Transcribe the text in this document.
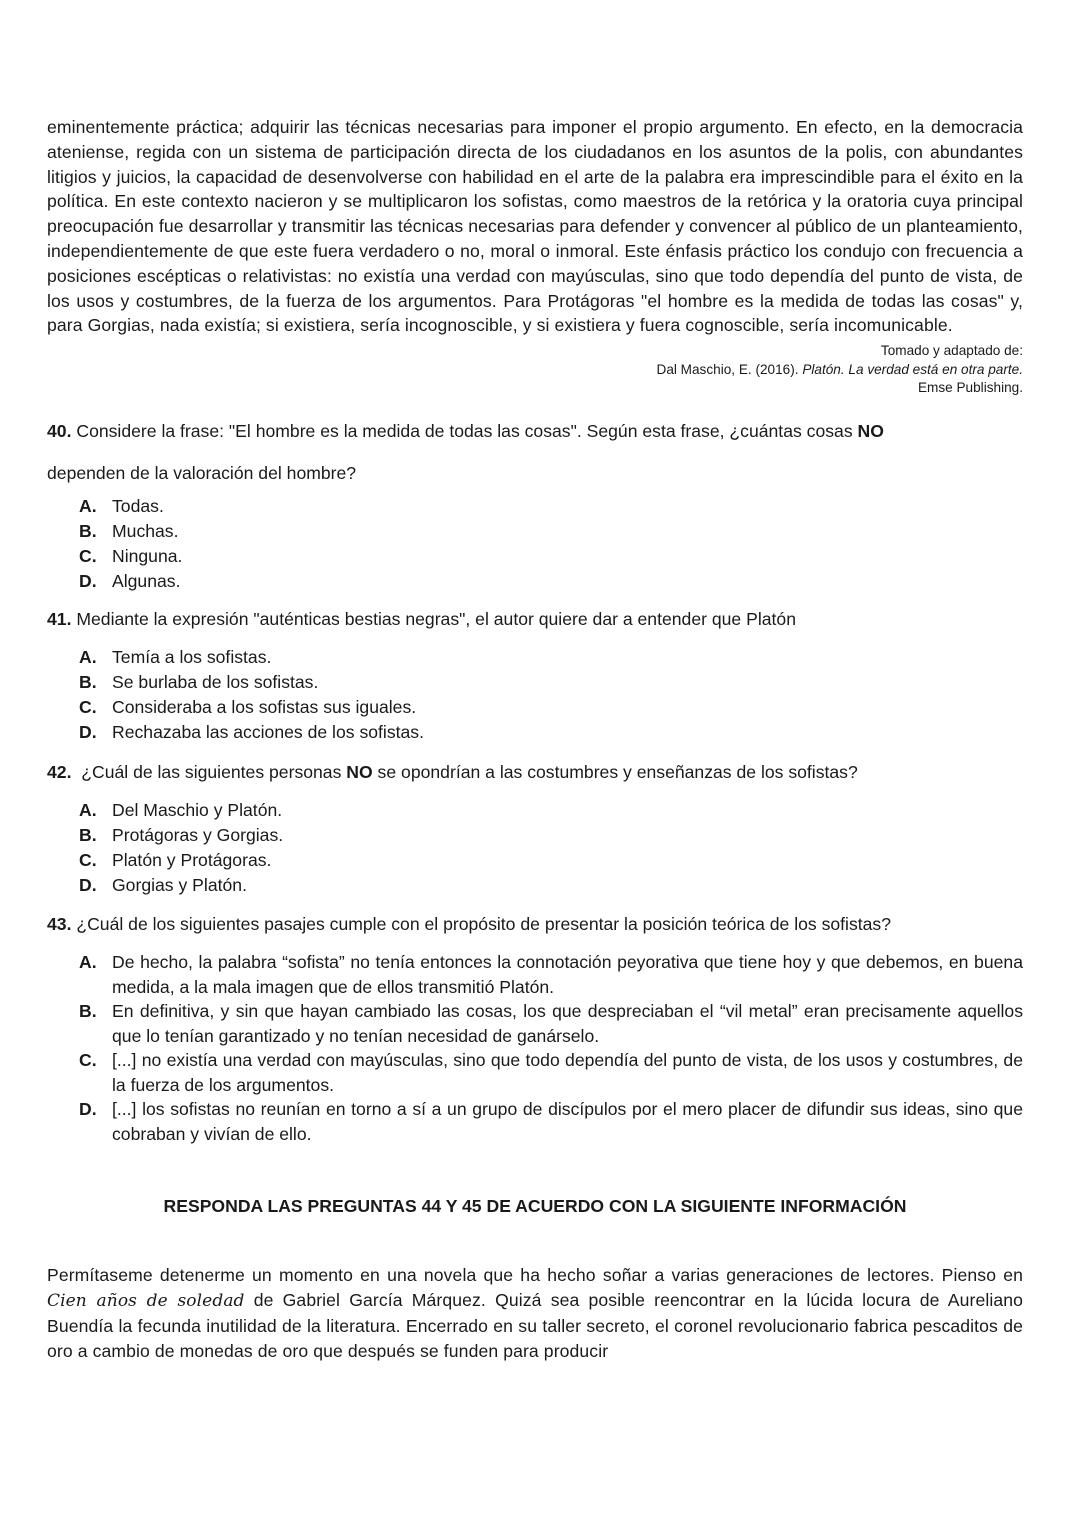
eminentemente práctica; adquirir las técnicas necesarias para imponer el propio argumento. En efecto, en la democracia ateniense, regida con un sistema de participación directa de los ciudadanos en los asuntos de la polis, con abundantes litigios y juicios, la capacidad de desenvolverse con habilidad en el arte de la palabra era imprescindible para el éxito en la política. En este contexto nacieron y se multiplicaron los sofistas, como maestros de la retórica y la oratoria cuya principal preocupación fue desarrollar y transmitir las técnicas necesarias para defender y convencer al público de un planteamiento, independientemente de que este fuera verdadero o no, moral o inmoral. Este énfasis práctico los condujo con frecuencia a posiciones escépticas o relativistas: no existía una verdad con mayúsculas, sino que todo dependía del punto de vista, de los usos y costumbres, de la fuerza de los argumentos. Para Protágoras "el hombre es la medida de todas las cosas" y, para Gorgias, nada existía; si existiera, sería incognoscible, y si existiera y fuera cognoscible, sería incomunicable.

Tomado y adaptado de:
Dal Maschio, E. (2016). Platón. La verdad está en otra parte.
Emse Publishing.

40. Considere la frase: "El hombre es la medida de todas las cosas". Según esta frase, ¿cuántas cosas NO

dependen de la valoración del hombre?

A. Todas.
B. Muchas.
C. Ninguna.
D. Algunas.

41. Mediante la expresión "auténticas bestias negras", el autor quiere dar a entender que Platón

A. Temía a los sofistas.
B. Se burlaba de los sofistas.
C. Consideraba a los sofistas sus iguales.
D. Rechazaba las acciones de los sofistas.

42.  ¿Cuál de las siguientes personas NO se opondrían a las costumbres y enseñanzas de los sofistas?

A. Del Maschio y Platón.
B. Protágoras y Gorgias.
C. Platón y Protágoras.
D. Gorgias y Platón.

43. ¿Cuál de los siguientes pasajes cumple con el propósito de presentar la posición teórica de los sofistas?

A. De hecho, la palabra “sofista” no tenía entonces la connotación peyorativa que tiene hoy y que debemos, en buena medida, a la mala imagen que de ellos transmitió Platón.
B. En definitiva, y sin que hayan cambiado las cosas, los que despreciaban el “vil metal” eran precisamente aquellos que lo tenían garantizado y no tenían necesidad de ganárselo.
C. [...] no existía una verdad con mayúsculas, sino que todo dependía del punto de vista, de los usos y costumbres, de la fuerza de los argumentos.
D. [...] los sofistas no reunían en torno a sí a un grupo de discípulos por el mero placer de difundir sus ideas, sino que cobraban y vivían de ello.

RESPONDA LAS PREGUNTAS 44 Y 45 DE ACUERDO CON LA SIGUIENTE INFORMACIÓN

Permítaseme detenerme un momento en una novela que ha hecho soñar a varias generaciones de lectores. Pienso en Cien años de soledad de Gabriel García Márquez. Quizá sea posible reencontrar en la lúcida locura de Aureliano Buendía la fecunda inutilidad de la literatura. Encerrado en su taller secreto, el coronel revolucionario fabrica pescaditos de oro a cambio de monedas de oro que después se funden para producir
